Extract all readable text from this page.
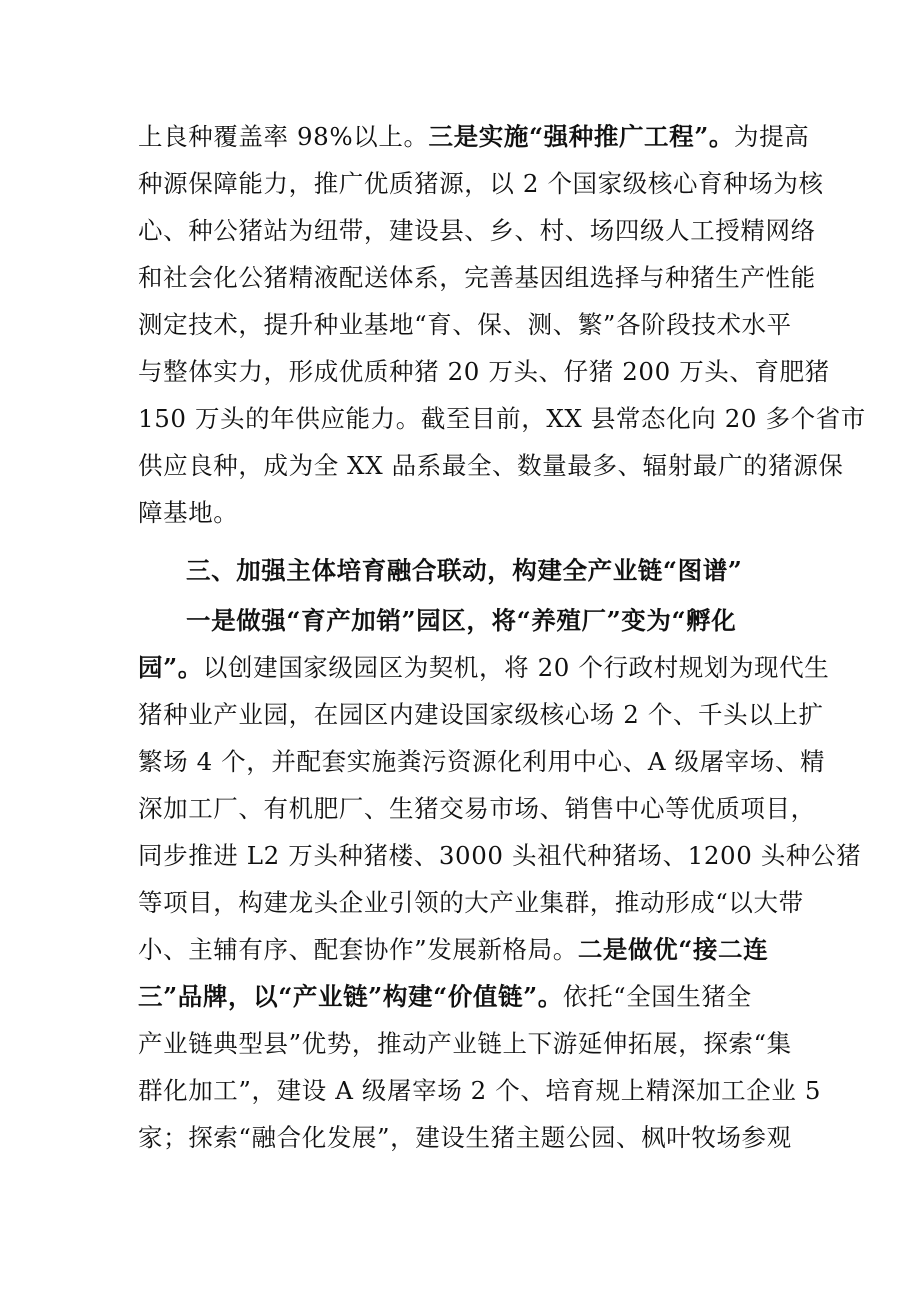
上良种覆盖率 98%以上。三是实施“强种推广工程”。为提高
种源保障能力，推广优质猪源，以 2 个国家级核心育种场为核
心、种公猪站为纽带，建设县、乡、村、场四级人工授精网络
和社会化公猪精液配送体系，完善基因组选择与种猪生产性能
测定技术，提升种业基地“育、保、测、繁”各阶段技术水平
与整体实力，形成优质种猪 20 万头、仔猪 200 万头、育肥猪
150 万头的年供应能力。截至目前，XX 县常态化向 20 多个省市
供应良种，成为全 XX 品系最全、数量最多、辐射最广的猪源保
障基地。
三、加强主体培育融合联动，构建全产业链“图谱”
一是做强“育产加销”园区，将“养殖厂”变为“孵化
园”。以创建国家级园区为契机，将 20 个行政村规划为现代生
猪种业产业园，在园区内建设国家级核心场 2 个、千头以上扩
繁场 4 个，并配套实施粪污资源化利用中心、A 级屠宰场、精
深加工厂、有机肥厂、生猪交易市场、销售中心等优质项目，
同步推进 L2 万头种猪楼、3000 头祖代种猪场、1200 头种公猪
等项目，构建龙头企业引领的大产业集群，推动形成“以大带
小、主辅有序、配套协作”发展新格局。二是做优“接二连
三”品牌，以“产业链”构建“价值链”。依托“全国生猪全
产业链典型县”优势，推动产业链上下游延伸拓展，探索“集
群化加工”，建设 A 级屠宰场 2 个、培育规上精深加工企业 5
家；探索“融合化发展”，建设生猪主题公园、枫叶牧场参观
